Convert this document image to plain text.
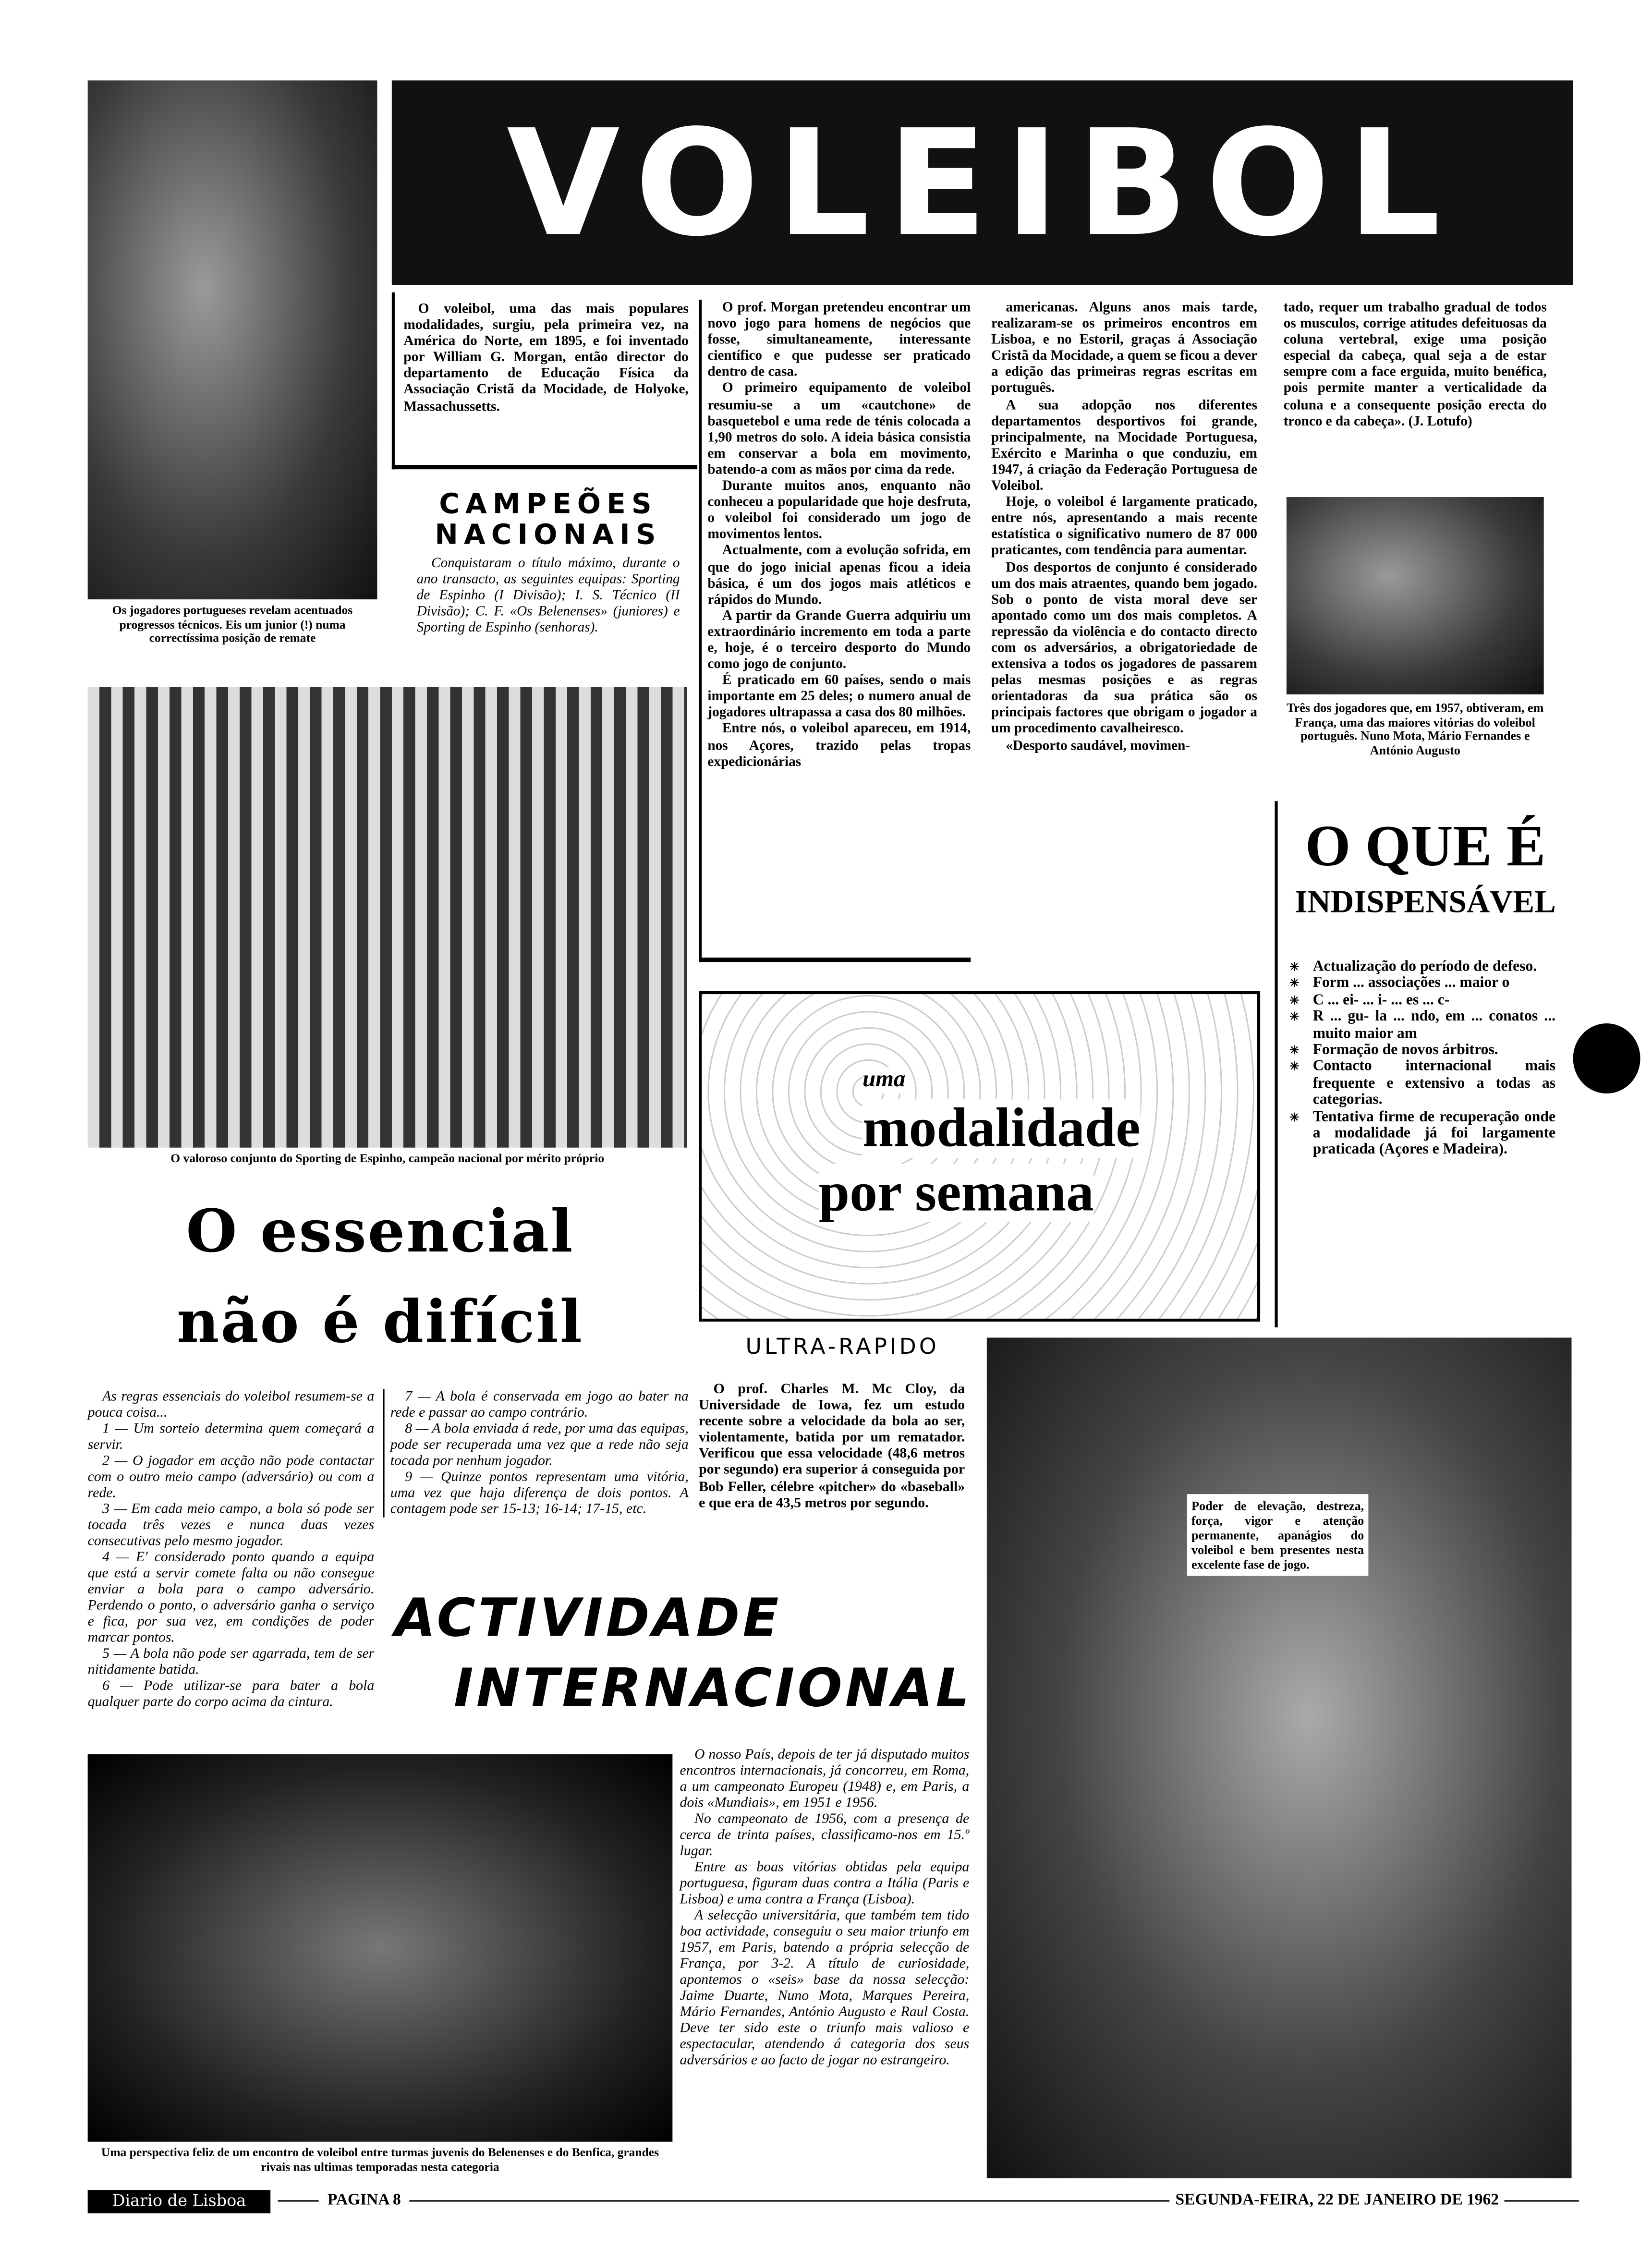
Os jogadores portugueses revelam acentuados progressos técnicos. Eis um junior (!) numa correctíssima posição de remate
VOLEIBOL

O voleibol, uma das mais populares modalidades, surgiu, pela primeira vez, na América do Norte, em 1895, e foi inventado por William G. Morgan, então director do departamento de Educação Física da Associação Cristã da Mocidade, de Holyoke, Massachussetts.

CAMPEÕES
NACIONAIS

Conquistaram o título máximo, durante o ano transacto, as seguintes equipas: Sporting de Espinho (I Divisão); I. S. Técnico (II Divisão); C. F. «Os Belenenses» (juniores) e Sporting de Espinho (senhoras).

O prof. Morgan pretendeu encontrar um novo jogo para homens de negócios que fosse, simultaneamente, interessante científico e que pudesse ser praticado dentro de casa.

O primeiro equipamento de voleibol resumiu-se a um «cautchone» de basquetebol e uma rede de ténis colocada a 1,90 metros do solo. A ideia básica consistia em conservar a bola em movimento, batendo-a com as mãos por cima da rede.

Durante muitos anos, enquanto não conheceu a popularidade que hoje desfruta, o voleibol foi considerado um jogo de movimentos lentos.

Actualmente, com a evolução sofrida, em que do jogo inicial apenas ficou a ideia básica, é um dos jogos mais atléticos e rápidos do Mundo.

A partir da Grande Guerra adquiriu um extraordinário incremento em toda a parte e, hoje, é o terceiro desporto do Mundo como jogo de conjunto.

É praticado em 60 países, sendo o mais importante em 25 deles; o numero anual de jogadores ultrapassa a casa dos 80 milhões.

Entre nós, o voleibol apareceu, em 1914, nos Açores, trazido pelas tropas expedicionárias

americanas. Alguns anos mais tarde, realizaram-se os primeiros encontros em Lisboa, e no Estoril, graças á Associação Cristã da Mocidade, a quem se ficou a dever a edição das primeiras regras escritas em português.

A sua adopção nos diferentes departamentos desportivos foi grande, principalmente, na Mocidade Portuguesa, Exército e Marinha o que conduziu, em 1947, á criação da Federação Portuguesa de Voleibol.

Hoje, o voleibol é largamente praticado, entre nós, apresentando a mais recente estatística o significativo numero de 87 000 praticantes, com tendência para aumentar.

Dos desportos de conjunto é considerado um dos mais atraentes, quando bem jogado. Sob o ponto de vista moral deve ser apontado como um dos mais completos. A repressão da violência e do contacto directo com os adversários, a obrigatoriedade de extensiva a todos os jogadores de passarem pelas mesmas posições e as regras orientadoras da sua prática são os principais factores que obrigam o jogador a um procedimento cavalheiresco.

«Desporto saudável, movimen-

tado, requer um trabalho gradual de todos os musculos, corrige atitudes defeituosas da coluna vertebral, exige uma posição especial da cabeça, qual seja a de estar sempre com a face erguida, muito benéfica, pois permite manter a verticalidade da coluna e a consequente posição erecta do tronco e da cabeça». (J. Lotufo)

Três dos jogadores que, em 1957, obtiveram, em França, uma das maiores vitórias do voleibol português. Nuno Mota, Mário Fernandes e António Augusto
O QUE É
INDISPENSÁVEL
✳ Actualização do período de defeso.
✳ Form ... associações ... maior o
✳ C ... ei- ... i- ... es ... c-
✳ R ... gu- la ... ndo, em ... conatos ... muito maior am
✳ Formação de novos árbitros.
✳ Contacto internacional mais frequente e extensivo a todas as categorias.
✳ Tentativa firme de recuperação onde a modalidade já foi largamente praticada (Açores e Madeira).
O valoroso conjunto do Sporting de Espinho, campeão nacional por mérito próprio
uma
modalidade
por semana
O essencial
não é difícil

As regras essenciais do voleibol resumem-se a pouca coisa...

1 — Um sorteio determina quem começará a servir.

2 — O jogador em acção não pode contactar com o outro meio campo (adversário) ou com a rede.

3 — Em cada meio campo, a bola só pode ser tocada três vezes e nunca duas vezes consecutivas pelo mesmo jogador.

4 — E' considerado ponto quando a equipa que está a servir comete falta ou não consegue enviar a bola para o campo adversário. Perdendo o ponto, o adversário ganha o serviço e fica, por sua vez, em condições de poder marcar pontos.

5 — A bola não pode ser agarrada, tem de ser nitidamente batida.

6 — Pode utilizar-se para bater a bola qualquer parte do corpo acima da cintura.

7 — A bola é conservada em jogo ao bater na rede e passar ao campo contrário.

8 — A bola enviada á rede, por uma das equipas, pode ser recuperada uma vez que a rede não seja tocada por nenhum jogador.

9 — Quinze pontos representam uma vitória, uma vez que haja diferença de dois pontos. A contagem pode ser 15-13; 16-14; 17-15, etc.

ULTRA-RAPIDO

O prof. Charles M. Mc Cloy, da Universidade de Iowa, fez um estudo recente sobre a velocidade da bola ao ser, violentamente, batida por um rematador. Verificou que essa velocidade (48,6 metros por segundo) era superior á conseguida por Bob Feller, célebre «pitcher» do «baseball» e que era de 43,5 metros por segundo.

ACTIVIDADE
INTERNACIONAL

O nosso País, depois de ter já disputado muitos encontros internacionais, já concorreu, em Roma, a um campeonato Europeu (1948) e, em Paris, a dois «Mundiais», em 1951 e 1956.

No campeonato de 1956, com a presença de cerca de trinta países, classificamo-nos em 15.º lugar.

Entre as boas vitórias obtidas pela equipa portuguesa, figuram duas contra a Itália (Paris e Lisboa) e uma contra a França (Lisboa).

A selecção universitária, que também tem tido boa actividade, conseguiu o seu maior triunfo em 1957, em Paris, batendo a própria selecção de França, por 3-2. A título de curiosidade, apontemos o «seis» base da nossa selecção: Jaime Duarte, Nuno Mota, Marques Pereira, Mário Fernandes, António Augusto e Raul Costa. Deve ter sido este o triunfo mais valioso e espectacular, atendendo á categoria dos seus adversários e ao facto de jogar no estrangeiro.

Poder de elevação, destreza, força, vigor e atenção permanente, apanágios do voleibol e bem presentes nesta excelente fase de jogo.
Uma perspectiva feliz de um encontro de voleibol entre turmas juvenis do Belenenses e do Benfica, grandes rivais nas ultimas temporadas nesta categoria
Diario de Lisboa	PAGINA 8	SEGUNDA-FEIRA, 22 DE JANEIRO DE 1962
